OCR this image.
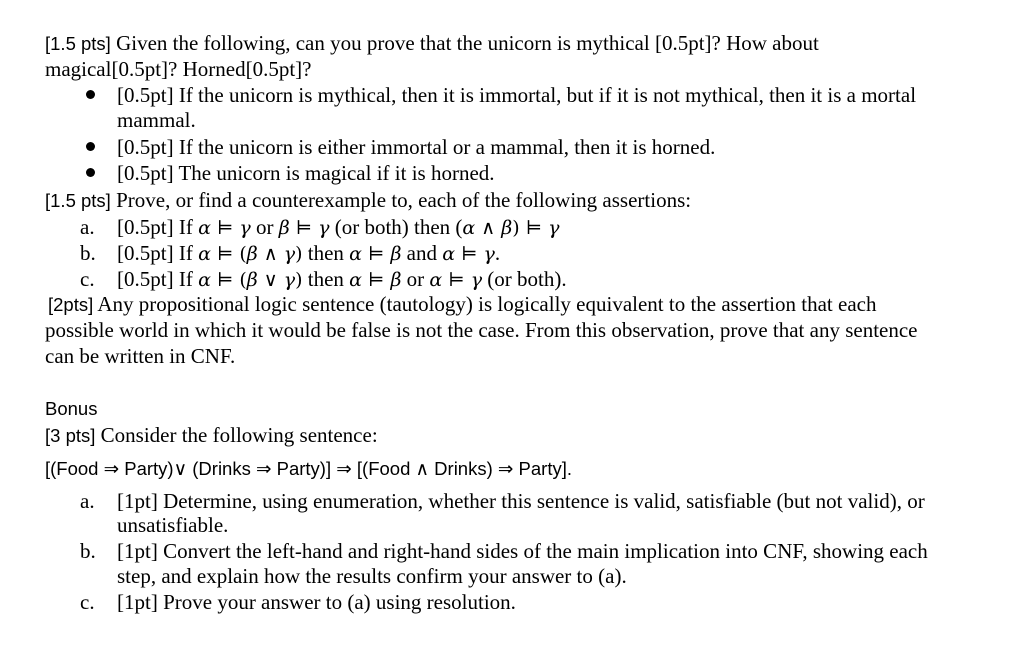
[1.5 pts] Given the following, can you prove that the unicorn is mythical [0.5pt]? How about
magical[0.5pt]? Horned[0.5pt]?
[0.5pt] If the unicorn is mythical, then it is immortal, but if it is not mythical, then it is a mortal
mammal.
[0.5pt] If the unicorn is either immortal or a mammal, then it is horned.
[0.5pt] The unicorn is magical if it is horned.
[1.5 pts] Prove, or find a counterexample to, each of the following assertions:
a. [0.5pt] If α ⊨ γ or β ⊨ γ (or both) then (α ∧ β) ⊨ γ
b. [0.5pt] If α ⊨ (β ∧ γ) then α ⊨ β and α ⊨ γ.
c. [0.5pt] If α ⊨ (β ∨ γ) then α ⊨ β or α ⊨ γ (or both).
[2pts] Any propositional logic sentence (tautology) is logically equivalent to the assertion that each
possible world in which it would be false is not the case. From this observation, prove that any sentence
can be written in CNF.
Bonus
[3 pts] Consider the following sentence:
[(Food ⇒ Party)∨ (Drinks ⇒ Party)] ⇒ [(Food ∧ Drinks) ⇒ Party].
a. [1pt] Determine, using enumeration, whether this sentence is valid, satisfiable (but not valid), or
unsatisfiable.
b. [1pt] Convert the left-hand and right-hand sides of the main implication into CNF, showing each
step, and explain how the results confirm your answer to (a).
c. [1pt] Prove your answer to (a) using resolution.
